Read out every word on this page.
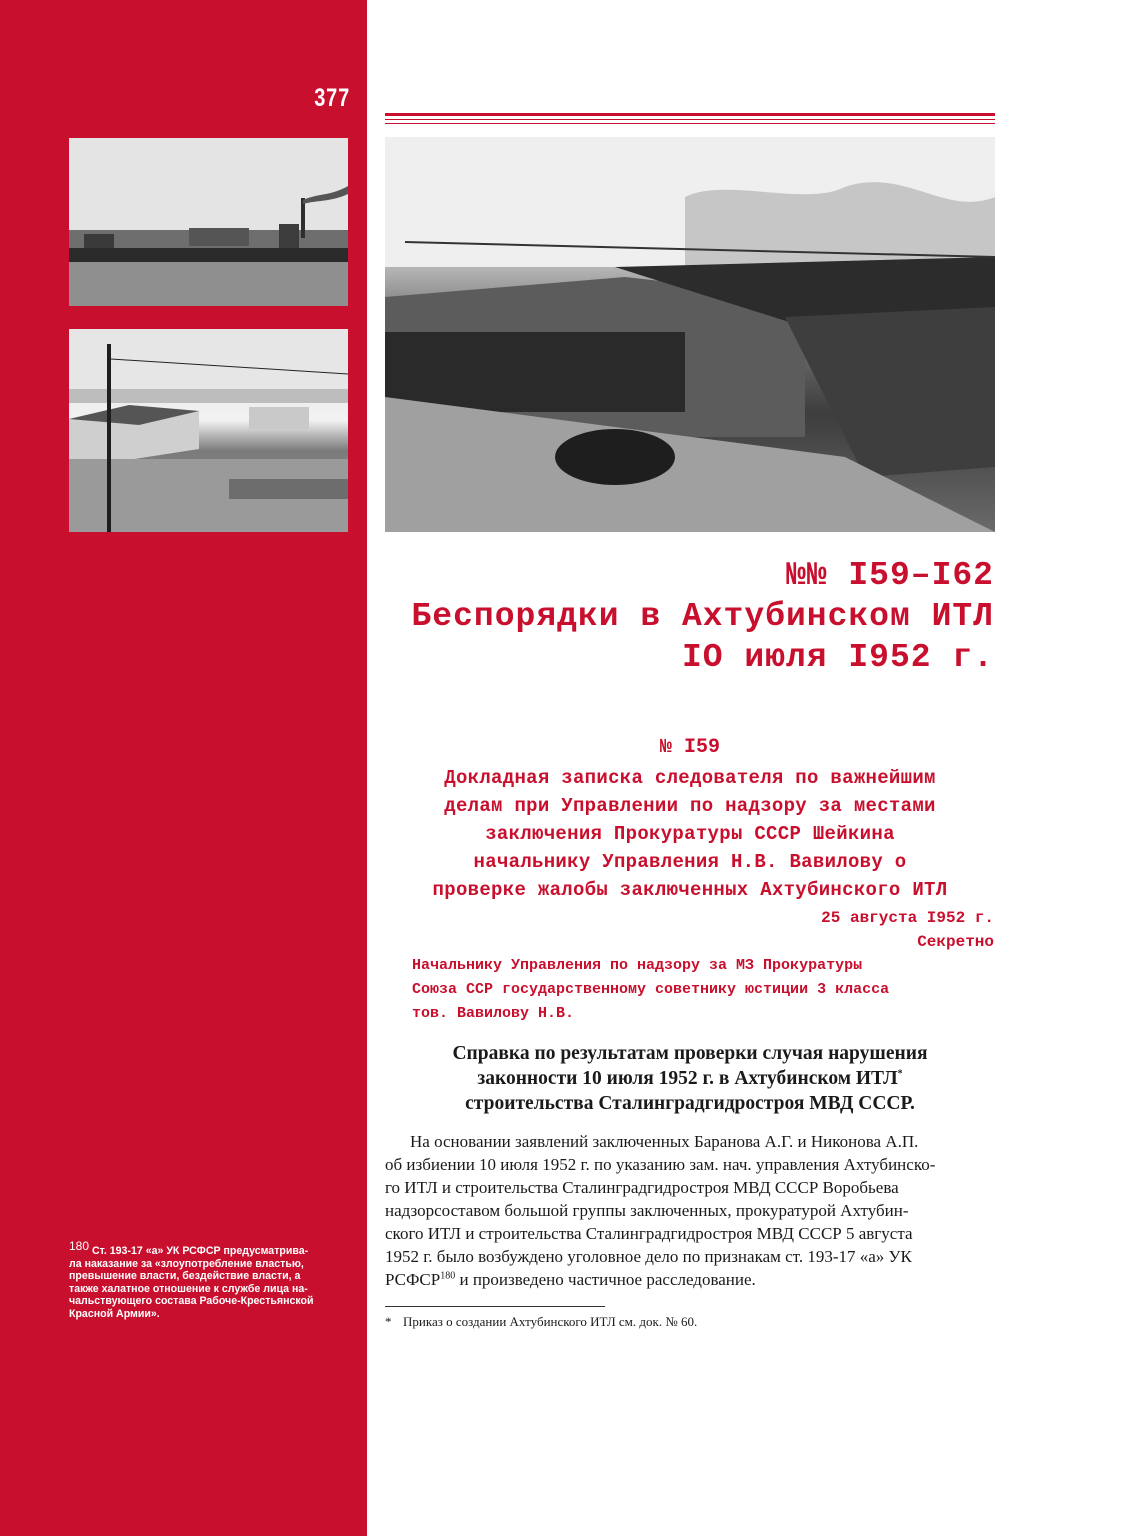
377
№№ I59–I62
Беспорядки в Ахтубинском ИТЛ
IO июля I952 г.
№ I59
Докладная записка следователя по важнейшим
делам при Управлении по надзору за местами
заключения Прокуратуры СССР Шейкина
начальнику Управления Н.В. Вавилову о
проверке жалобы заключенных Ахтубинского ИТЛ
25 августа I952 г.
Секретно
Начальнику Управления по надзору за МЗ Прокуратуры
Союза ССР государственному советнику юстиции 3 класса
тов. Вавилову Н.В.
Справка по результатам проверки случая нарушения
законности 10 июля 1952 г. в Ахтубинском ИТЛ*
строительства Сталинградгидростроя МВД СССР.
На основании заявлений заключенных Баранова А.Г. и Никонова А.П.
об избиении 10 июля 1952 г. по указанию зам. нач. управления Ахтубинско-
го ИТЛ и строительства Сталинградгидростроя МВД СССР Воробьева
надзорсоставом большой группы заключенных, прокуратурой Ахтубин-
ского ИТЛ и строительства Сталинградгидростроя МВД СССР 5 августа
1952 г. было возбуждено уголовное дело по признакам ст. 193-17 «а» УК
РСФСР$^{180}$ и произведено частичное расследование.
* Приказ о создании Ахтубинского ИТЛ см. док. № 60.
180 Ст. 193-17 «а» УК РСФСР предусматрива-
ла наказание за «злоупотребление властью,
превышение власти, бездействие власти, а
также халатное отношение к службе лица на-
чальствующего состава Рабоче-Крестьянской
Красной Армии».
